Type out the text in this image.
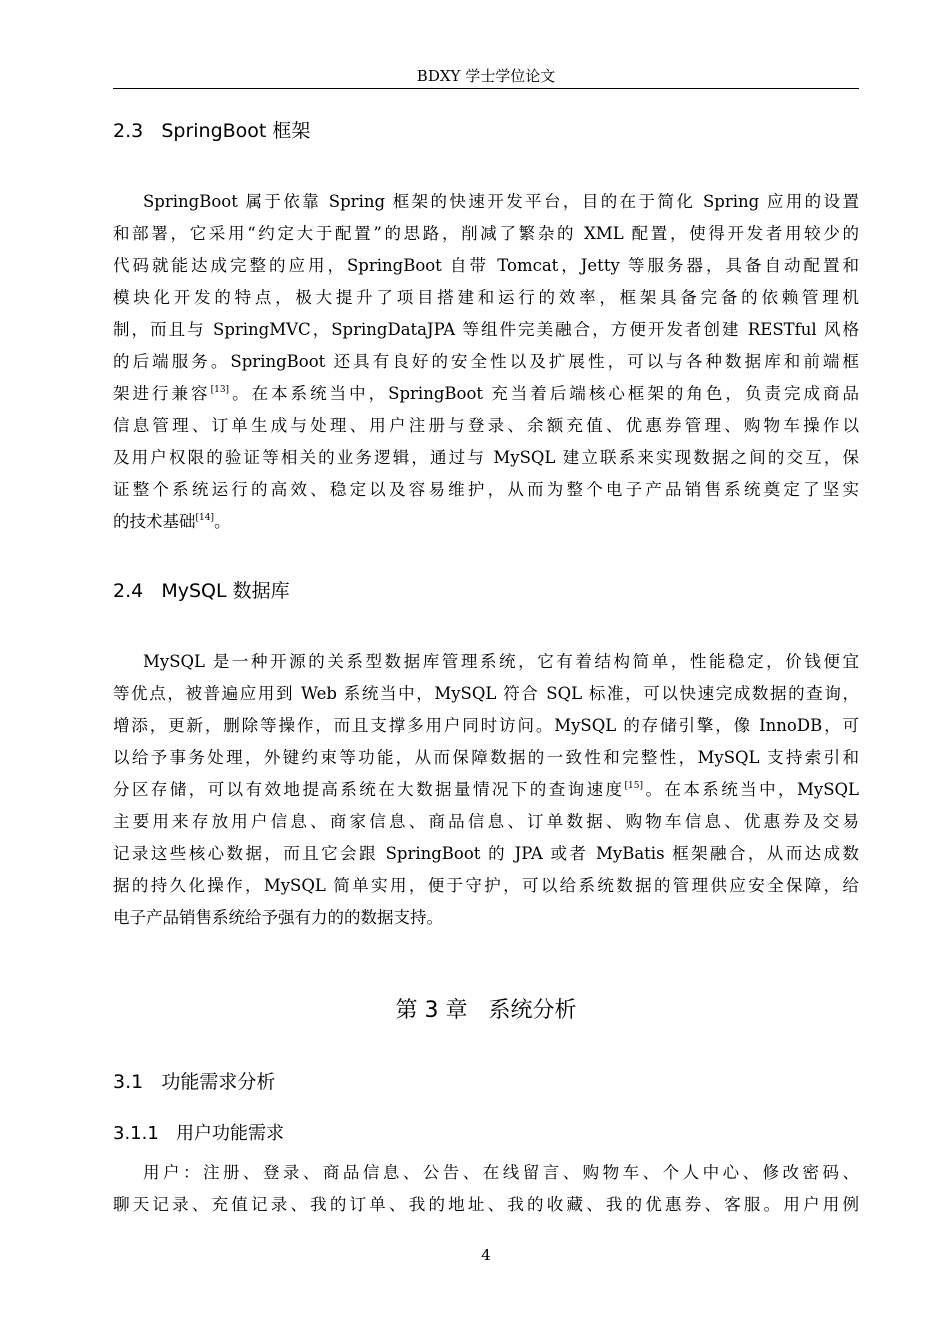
BDXY 学士学位论文
2.3   SpringBoot 框架
SpringBoot 属于依靠 Spring 框架的快速开发平台，目的在于简化 Spring 应用的设置
和部署，它采用“约定大于配置”的思路，削减了繁杂的 XML 配置，使得开发者用较少的
代码就能达成完整的应用，SpringBoot 自带 Tomcat，Jetty 等服务器，具备自动配置和
模块化开发的特点，极大提升了项目搭建和运行的效率，框架具备完备的依赖管理机
制，而且与 SpringMVC，SpringDataJPA 等组件完美融合，方便开发者创建 RESTful 风格
的后端服务。SpringBoot 还具有良好的安全性以及扩展性，可以与各种数据库和前端框
架进行兼容[13]。在本系统当中，SpringBoot 充当着后端核心框架的角色，负责完成商品
信息管理、订单生成与处理、用户注册与登录、余额充值、优惠券管理、购物车操作以
及用户权限的验证等相关的业务逻辑，通过与 MySQL 建立联系来实现数据之间的交互，保
证整个系统运行的高效、稳定以及容易维护，从而为整个电子产品销售系统奠定了坚实
的技术基础[14]。
2.4   MySQL 数据库
MySQL 是一种开源的关系型数据库管理系统，它有着结构简单，性能稳定，价钱便宜
等优点，被普遍应用到 Web 系统当中，MySQL 符合 SQL 标准，可以快速完成数据的查询，
增添，更新，删除等操作，而且支撑多用户同时访问。MySQL 的存储引擎，像 InnoDB，可
以给予事务处理，外键约束等功能，从而保障数据的一致性和完整性，MySQL 支持索引和
分区存储，可以有效地提高系统在大数据量情况下的查询速度[15]。在本系统当中，MySQL
主要用来存放用户信息、商家信息、商品信息、订单数据、购物车信息、优惠券及交易
记录这些核心数据，而且它会跟 SpringBoot 的 JPA 或者 MyBatis 框架融合，从而达成数
据的持久化操作，MySQL 简单实用，便于守护，可以给系统数据的管理供应安全保障，给
电子产品销售系统给予强有力的的数据支持。
第 3 章   系统分析
3.1   功能需求分析
3.1.1   用户功能需求
用户：注册、登录、商品信息、公告、在线留言、购物车、个人中心、修改密码、
聊天记录、充值记录、我的订单、我的地址、我的收藏、我的优惠券、客服。用户用例
4
